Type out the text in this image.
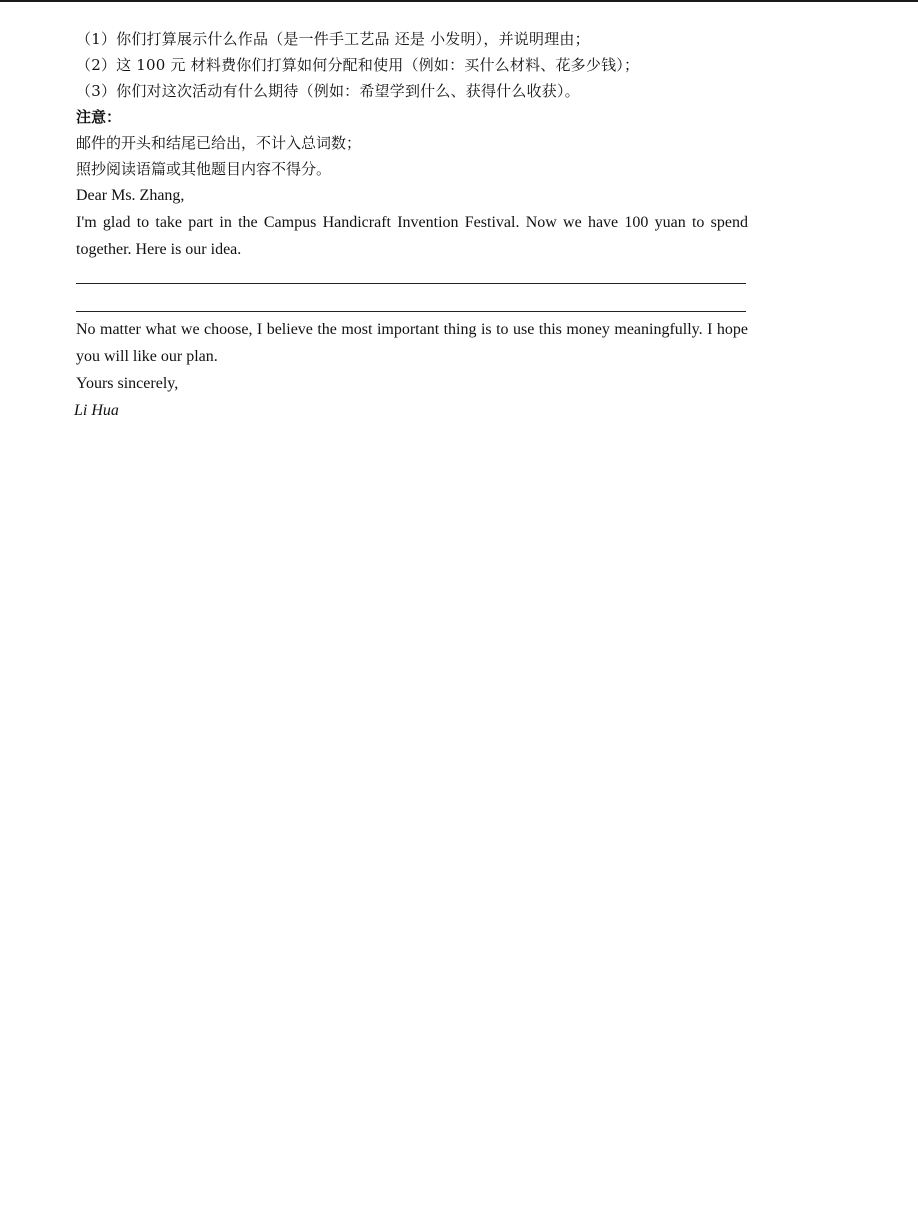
（1）你们打算展示什么作品（是一件手工艺品 还是 小发明），并说明理由；
（2）这 100 元 材料费你们打算如何分配和使用（例如：买什么材料、花多少钱）；
（3）你们对这次活动有什么期待（例如：希望学到什么、获得什么收获）。
注意：
邮件的开头和结尾已给出，不计入总词数；
照抄阅读语篇或其他题目内容不得分。
Dear Ms. Zhang,
I'm glad to take part in the Campus Handicraft Invention Festival. Now we have 100 yuan to spend together. Here is our idea.
No matter what we choose, I believe the most important thing is to use this money meaningfully. I hope you will like our plan.
Yours sincerely,
Li Hua
